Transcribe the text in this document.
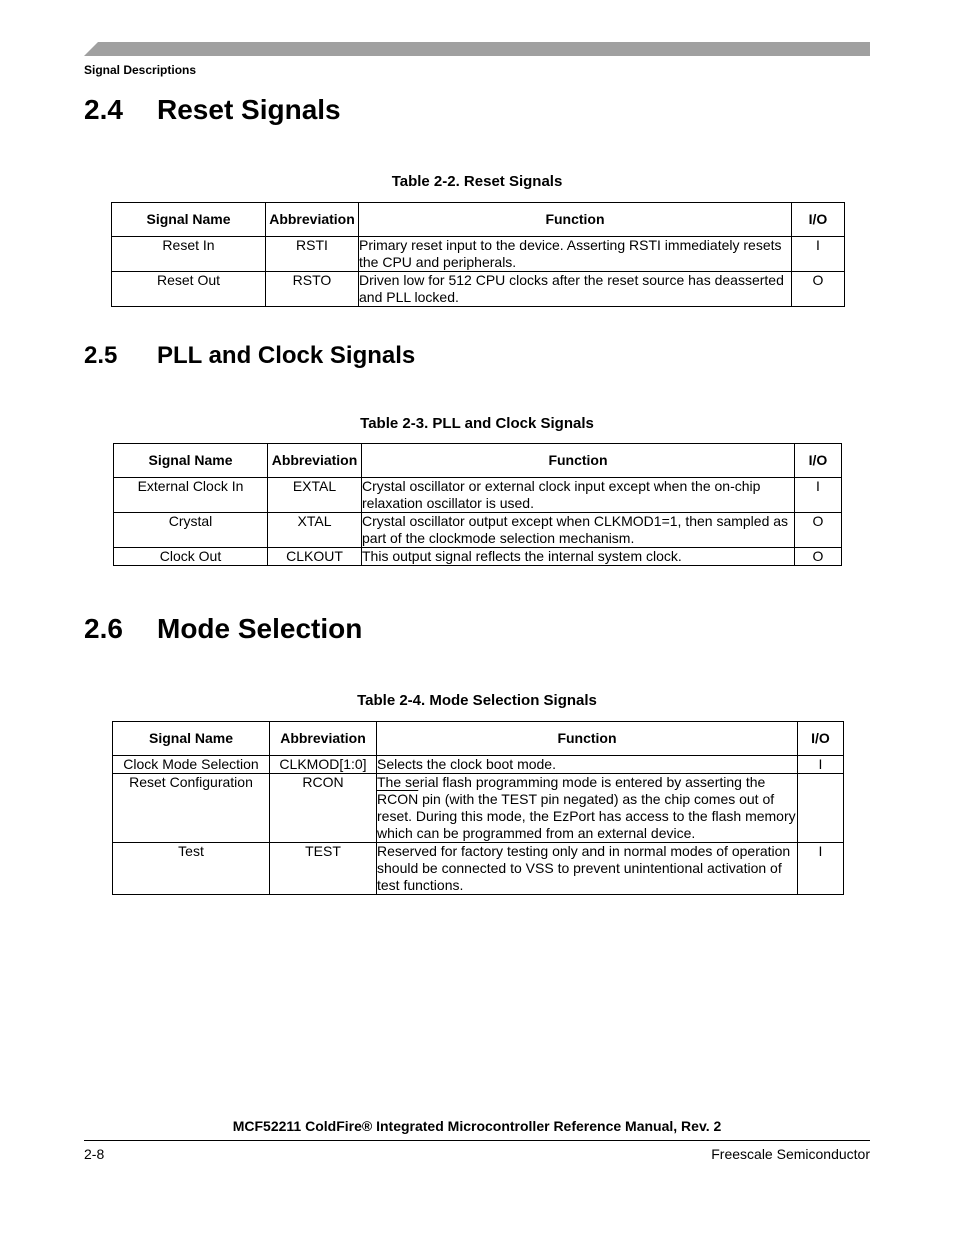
Signal Descriptions
2.4 Reset Signals
Table 2-2. Reset Signals
Signal Name	Abbreviation	Function	I/O
Reset In	RSTI	Primary reset input to the device. Asserting RSTI immediately resets the CPU and peripherals.	I
Reset Out	RSTO	Driven low for 512 CPU clocks after the reset source has deasserted and PLL locked.	O
2.5 PLL and Clock Signals
Table 2-3. PLL and Clock Signals
Signal Name	Abbreviation	Function	I/O
External Clock In	EXTAL	Crystal oscillator or external clock input except when the on-chip relaxation oscillator is used.	I
Crystal	XTAL	Crystal oscillator output except when CLKMOD1=1, then sampled as part of the clockmode selection mechanism.	O
Clock Out	CLKOUT	This output signal reflects the internal system clock.	O
2.6 Mode Selection
Table 2-4. Mode Selection Signals
Signal Name	Abbreviation	Function	I/O
Clock Mode Selection	CLKMOD[1:0]	Selects the clock boot mode.	I
Reset Configuration	RCON	The serial flash programming mode is entered by asserting the RCON pin (with the TEST pin negated) as the chip comes out of reset. During this mode, the EzPort has access to the flash memory which can be programmed from an external device.	
Test	TEST	Reserved for factory testing only and in normal modes of operation should be connected to VSS to prevent unintentional activation of test functions.	I
MCF52211 ColdFire® Integrated Microcontroller Reference Manual, Rev. 2
2-8	Freescale Semiconductor
